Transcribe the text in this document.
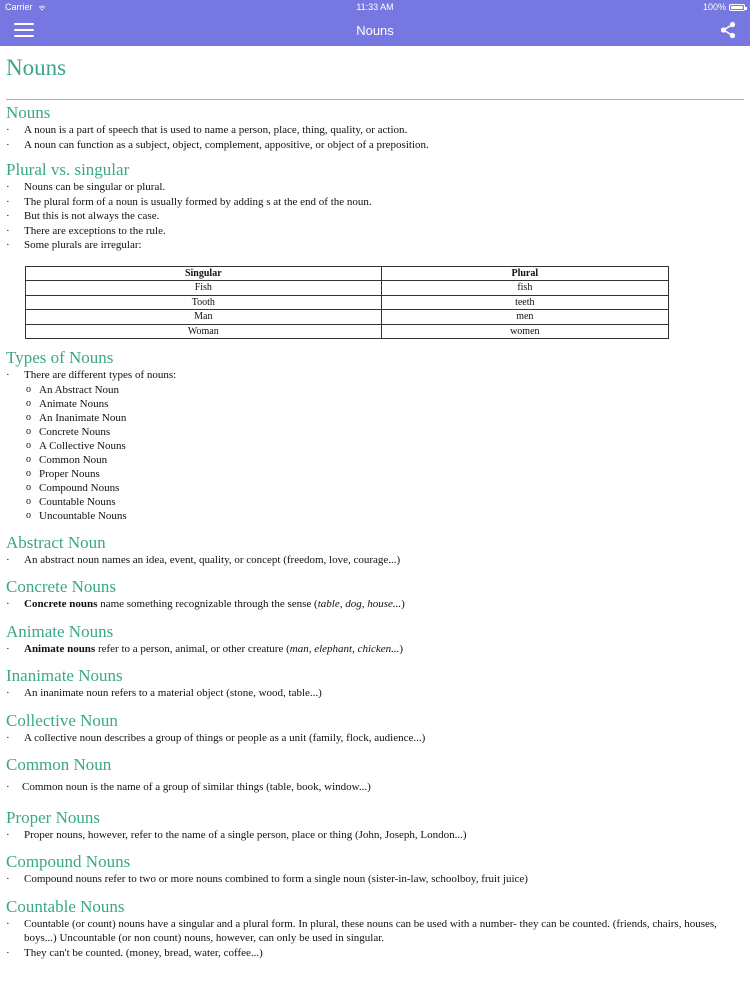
Carrier	11:33 AM	100%
Nouns
Nouns
Nouns
· A noun is a part of speech that is used to name a person, place, thing, quality, or action.
· A noun can function as a subject, object, complement, appositive, or object of a preposition.
Plural vs. singular
· Nouns can be singular or plural.
· The plural form of a noun is usually formed by adding s at the end of the noun.
· But this is not always the case.
· There are exceptions to the rule.
· Some plurals are irregular:
Singular	Plural
Fish	fish
Tooth	teeth
Man	men
Woman	women
Types of Nouns
· There are different types of nouns:
o An Abstract Noun
o Animate Nouns
o An Inanimate Noun
o Concrete Nouns
o A Collective Nouns
o Common Noun
o Proper Nouns
o Compound Nouns
o Countable Nouns
o Uncountable Nouns
Abstract Noun
· An abstract noun names an idea, event, quality, or concept (freedom, love, courage...)
Concrete Nouns
· Concrete nouns name something recognizable through the sense (table, dog, house...)
Animate Nouns
· Animate nouns refer to a person, animal, or other creature (man, elephant, chicken...)
Inanimate Nouns
· An inanimate noun refers to a material object (stone, wood, table...)
Collective Noun
· A collective noun describes a group of things or people as a unit (family, flock, audience...)
Common Noun
· Common noun is the name of a group of similar things (table, book, window...)
Proper Nouns
· Proper nouns, however, refer to the name of a single person, place or thing (John, Joseph, London...)
Compound Nouns
· Compound nouns refer to two or more nouns combined to form a single noun (sister-in-law, schoolboy, fruit juice)
Countable Nouns
· Countable (or count) nouns have a singular and a plural form. In plural, these nouns can be used with a number- they can be counted. (friends, chairs, houses, boys...) Uncountable (or non count) nouns, however, can only be used in singular.
· They can't be counted. (money, bread, water, coffee...)
